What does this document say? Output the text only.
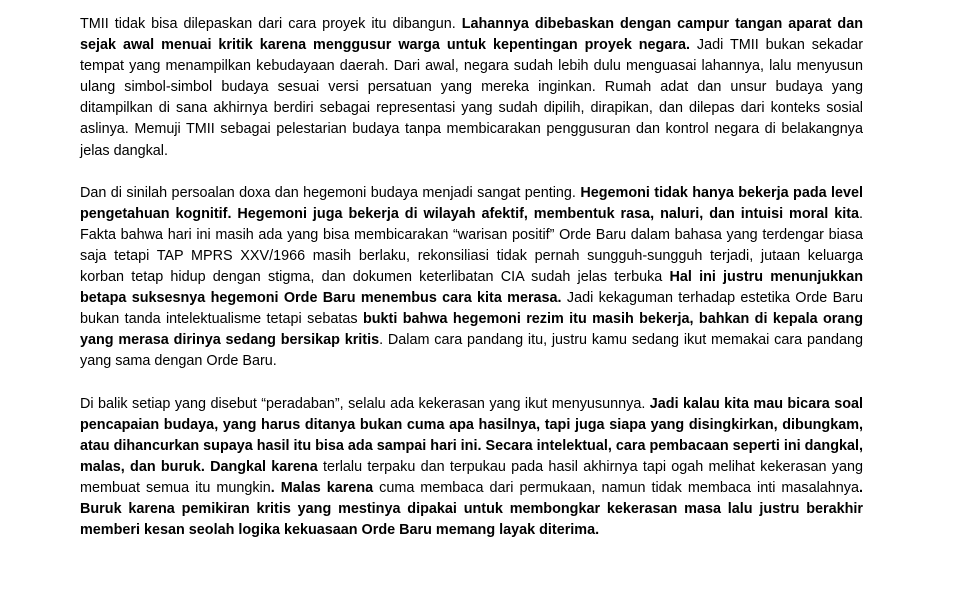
TMII tidak bisa dilepaskan dari cara proyek itu dibangun. Lahannya dibebaskan dengan campur tangan aparat dan sejak awal menuai kritik karena menggusur warga untuk kepentingan proyek negara. Jadi TMII bukan sekadar tempat yang menampilkan kebudayaan daerah. Dari awal, negara sudah lebih dulu menguasai lahannya, lalu menyusun ulang simbol-simbol budaya sesuai versi persatuan yang mereka inginkan. Rumah adat dan unsur budaya yang ditampilkan di sana akhirnya berdiri sebagai representasi yang sudah dipilih, dirapikan, dan dilepas dari konteks sosial aslinya. Memuji TMII sebagai pelestarian budaya tanpa membicarakan penggusuran dan kontrol negara di belakangnya jelas dangkal.

Dan di sinilah persoalan doxa dan hegemoni budaya menjadi sangat penting. Hegemoni tidak hanya bekerja pada level pengetahuan kognitif. Hegemoni juga bekerja di wilayah afektif, membentuk rasa, naluri, dan intuisi moral kita. Fakta bahwa hari ini masih ada yang bisa membicarakan “warisan positif” Orde Baru dalam bahasa yang terdengar biasa saja tetapi TAP MPRS XXV/1966 masih berlaku, rekonsiliasi tidak pernah sungguh-sungguh terjadi, jutaan keluarga korban tetap hidup dengan stigma, dan dokumen keterlibatan CIA sudah jelas terbuka Hal ini justru menunjukkan betapa suksesnya hegemoni Orde Baru menembus cara kita merasa. Jadi kekaguman terhadap estetika Orde Baru bukan tanda intelektualisme tetapi sebatas bukti bahwa hegemoni rezim itu masih bekerja, bahkan di kepala orang yang merasa dirinya sedang bersikap kritis. Dalam cara pandang itu, justru kamu sedang ikut memakai cara pandang yang sama dengan Orde Baru.

Di balik setiap yang disebut “peradaban”, selalu ada kekerasan yang ikut menyusunnya. Jadi kalau kita mau bicara soal pencapaian budaya, yang harus ditanya bukan cuma apa hasilnya, tapi juga siapa yang disingkirkan, dibungkam, atau dihancurkan supaya hasil itu bisa ada sampai hari ini. Secara intelektual, cara pembacaan seperti ini dangkal, malas, dan buruk. Dangkal karena terlalu terpaku dan terpukau pada hasil akhirnya tapi ogah melihat kekerasan yang membuat semua itu mungkin. Malas karena cuma membaca dari permukaan, namun tidak membaca inti masalahnya. Buruk karena pemikiran kritis yang mestinya dipakai untuk membongkar kekerasan masa lalu justru berakhir memberi kesan seolah logika kekuasaan Orde Baru memang layak diterima.
